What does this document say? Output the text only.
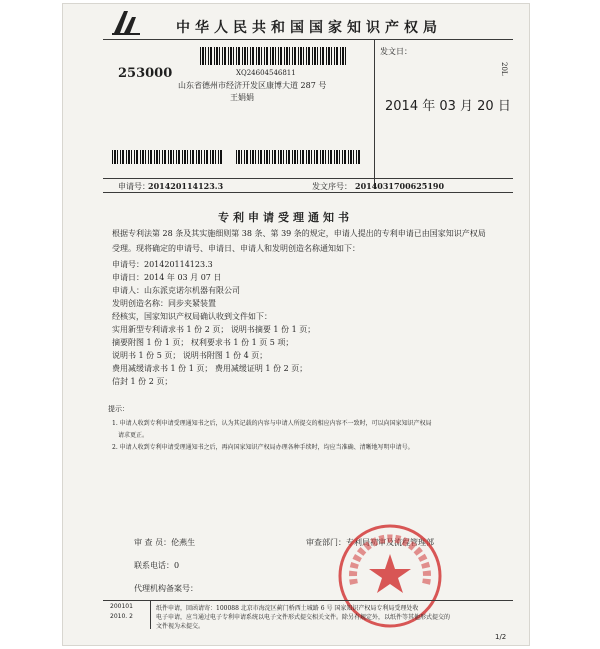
中华人民共和国国家知识产权局
253000	XQ24604546811
山东省德州市经济开发区康博大道 287 号
王娟娟
发文日：
2014 年 03 月 20 日
20L
申请号：
201420114123.3	发文序号： 2014031700625190
专利申请受理通知书
根据专利法第 28 条及其实施细则第 38 条、第 39 条的规定，申请人提出的专利申请已由国家知识产权局
受理。现将确定的申请号、申请日、申请人和发明创造名称通知如下：
申请号：201420114123.3
申请日：2014 年 03 月 07 日
申请人：山东派克诺尔机器有限公司
发明创造名称：同步夹紧装置
经核实，国家知识产权局确认收到文件如下：
实用新型专利请求书 1 份 2 页； 说明书摘要 1 份 1 页；
摘要附图 1 份 1 页； 权利要求书 1 份 1 页 5 项；
说明书 1 份 5 页； 说明书附图 1 份 4 页；
费用减缓请求书 1 份 1 页； 费用减缓证明 1 份 2 页；
信封 1 份 2 页；
提示：
1. 申请人收到专利申请受理通知书之后，认为其记载的内容与申请人所提交的相应内容不一致时，可以向国家知识产权局
请求更正。
2. 申请人收到专利申请受理通知书之后，再向国家知识产权局办理各种手续时，均应当准确、清晰地写明申请号。
审 查 员：伦燕生
联系电话：0
代理机构备案号：
审查部门：专利局初审及流程管理部
200101
2010. 2
纸件申请，回函请寄：100088 北京市海淀区蓟门桥西土城路 6 号 国家知识产权局专利局受理处收
电子申请，应当通过电子专利申请系统以电子文件形式提交相关文件。除另有规定外，以纸件等其他形式提交的
文件视为未提交。
1/2
